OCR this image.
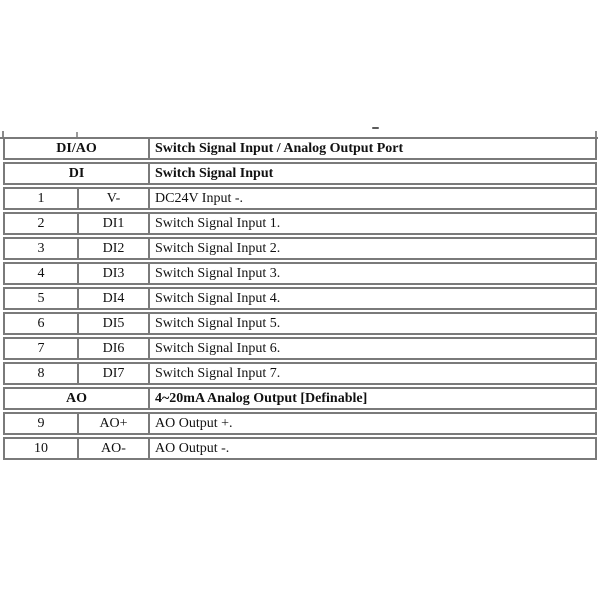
DI/AO	Switch Signal Input / Analog Output Port
DI	Switch Signal Input
1	V-	DC24V Input -.
2	DI1	Switch Signal Input 1.
3	DI2	Switch Signal Input 2.
4	DI3	Switch Signal Input 3.
5	DI4	Switch Signal Input 4.
6	DI5	Switch Signal Input 5.
7	DI6	Switch Signal Input 6.
8	DI7	Switch Signal Input 7.
AO	4~20mA Analog Output [Definable]
9	AO+	AO Output +.
10	AO-	AO Output -.
